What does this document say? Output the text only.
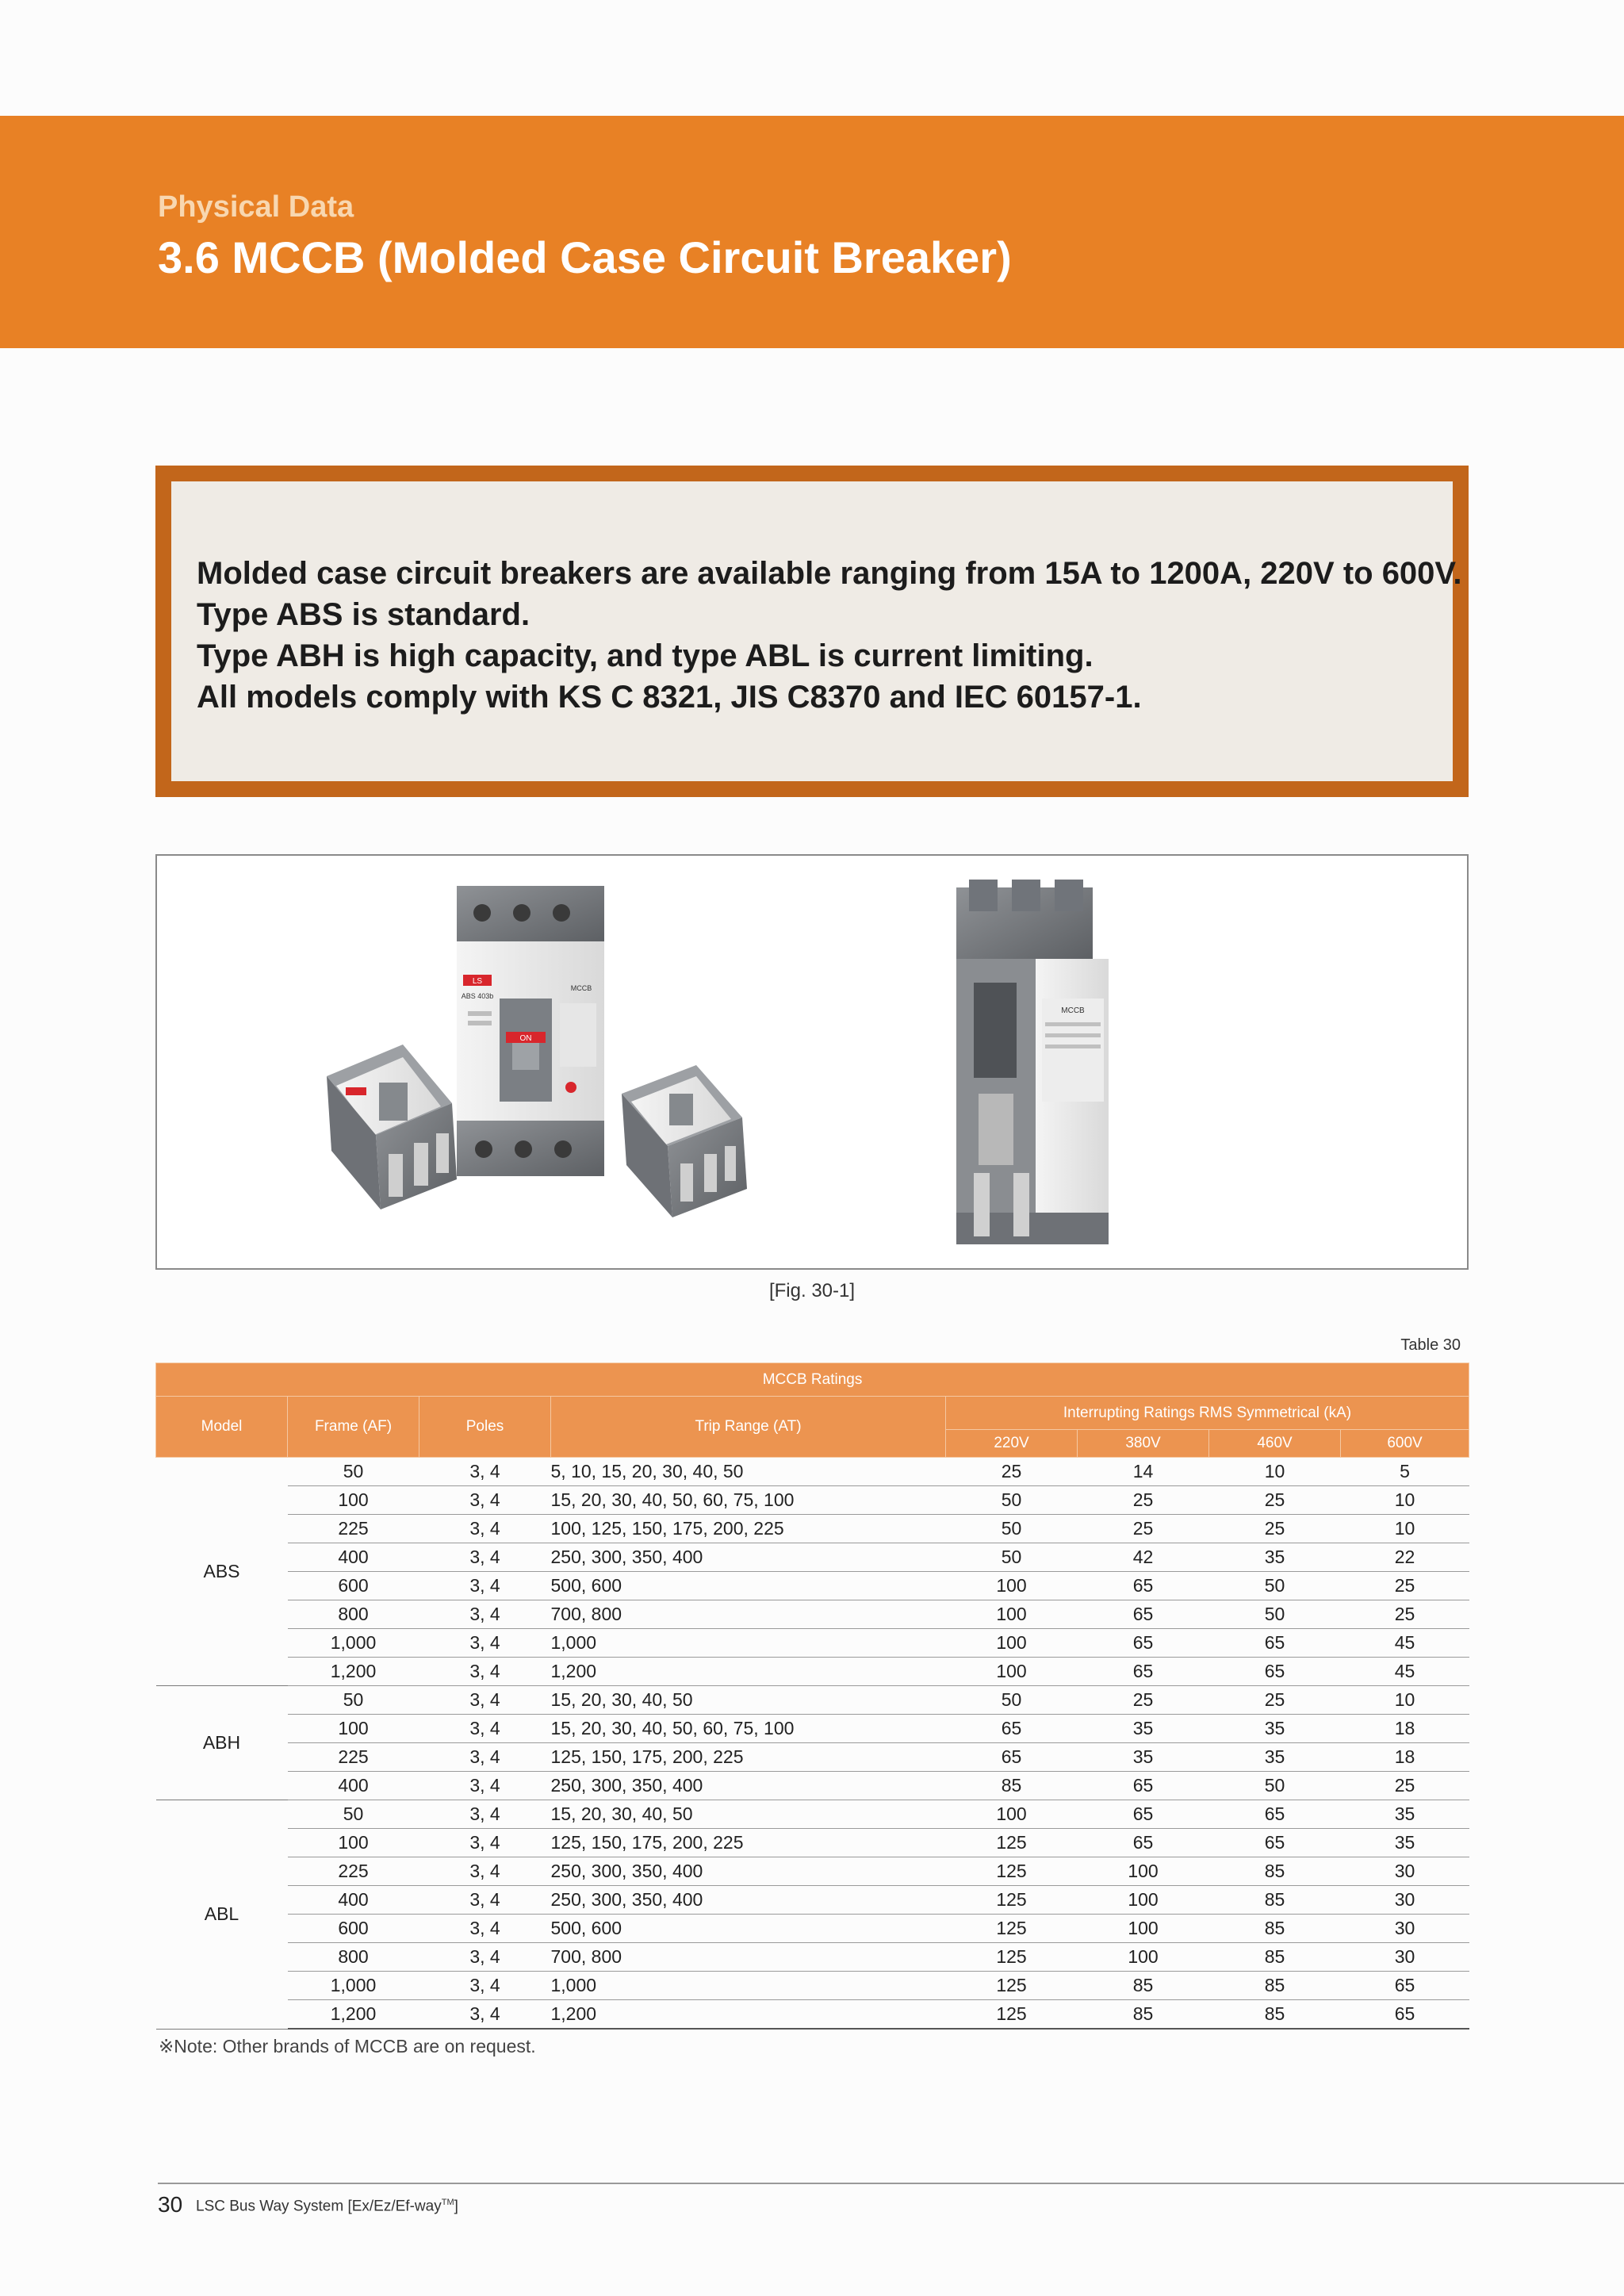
Physical Data
3.6 MCCB (Molded Case Circuit Breaker)
Molded case circuit breakers are available ranging from 15A to 1200A, 220V to 600V.
Type ABS is standard.
Type ABH is high capacity, and type ABL is current limiting.
All models comply with KS C 8321, JIS C8370 and IEC 60157-1.
LS
ABS 403b
MCCB
ON
MCCB
[Fig. 30-1]
Table 30
MCCB Ratings							
Model	Frame (AF)	Poles	Trip Range (AT)	Interrupting Ratings RMS Symmetrical (kA)			
				220V	380V	460V	600V
ABS	50	3, 4	5, 10, 15, 20, 30, 40, 50	25	14	10	5
	100	3, 4	15, 20, 30, 40, 50, 60, 75, 100	50	25	25	10
	225	3, 4	100, 125, 150, 175, 200, 225	50	25	25	10
	400	3, 4	250, 300, 350, 400	50	42	35	22
	600	3, 4	500, 600	100	65	50	25
	800	3, 4	700, 800	100	65	50	25
	1,000	3, 4	1,000	100	65	65	45
	1,200	3, 4	1,200	100	65	65	45
ABH	50	3, 4	15, 20, 30, 40, 50	50	25	25	10
	100	3, 4	15, 20, 30, 40, 50, 60, 75, 100	65	35	35	18
	225	3, 4	125, 150, 175, 200, 225	65	35	35	18
	400	3, 4	250, 300, 350, 400	85	65	50	25
ABL	50	3, 4	15, 20, 30, 40, 50	100	65	65	35
	100	3, 4	125, 150, 175, 200, 225	125	65	65	35
	225	3, 4	250, 300, 350, 400	125	100	85	30
	400	3, 4	250, 300, 350, 400	125	100	85	30
	600	3, 4	500, 600	125	100	85	30
	800	3, 4	700, 800	125	100	85	30
	1,000	3, 4	1,000	125	85	85	65
	1,200	3, 4	1,200	125	85	85	65
※Note: Other brands of MCCB are on request.
30 LSC Bus Way System [Ex/Ez/Ef-way™]
